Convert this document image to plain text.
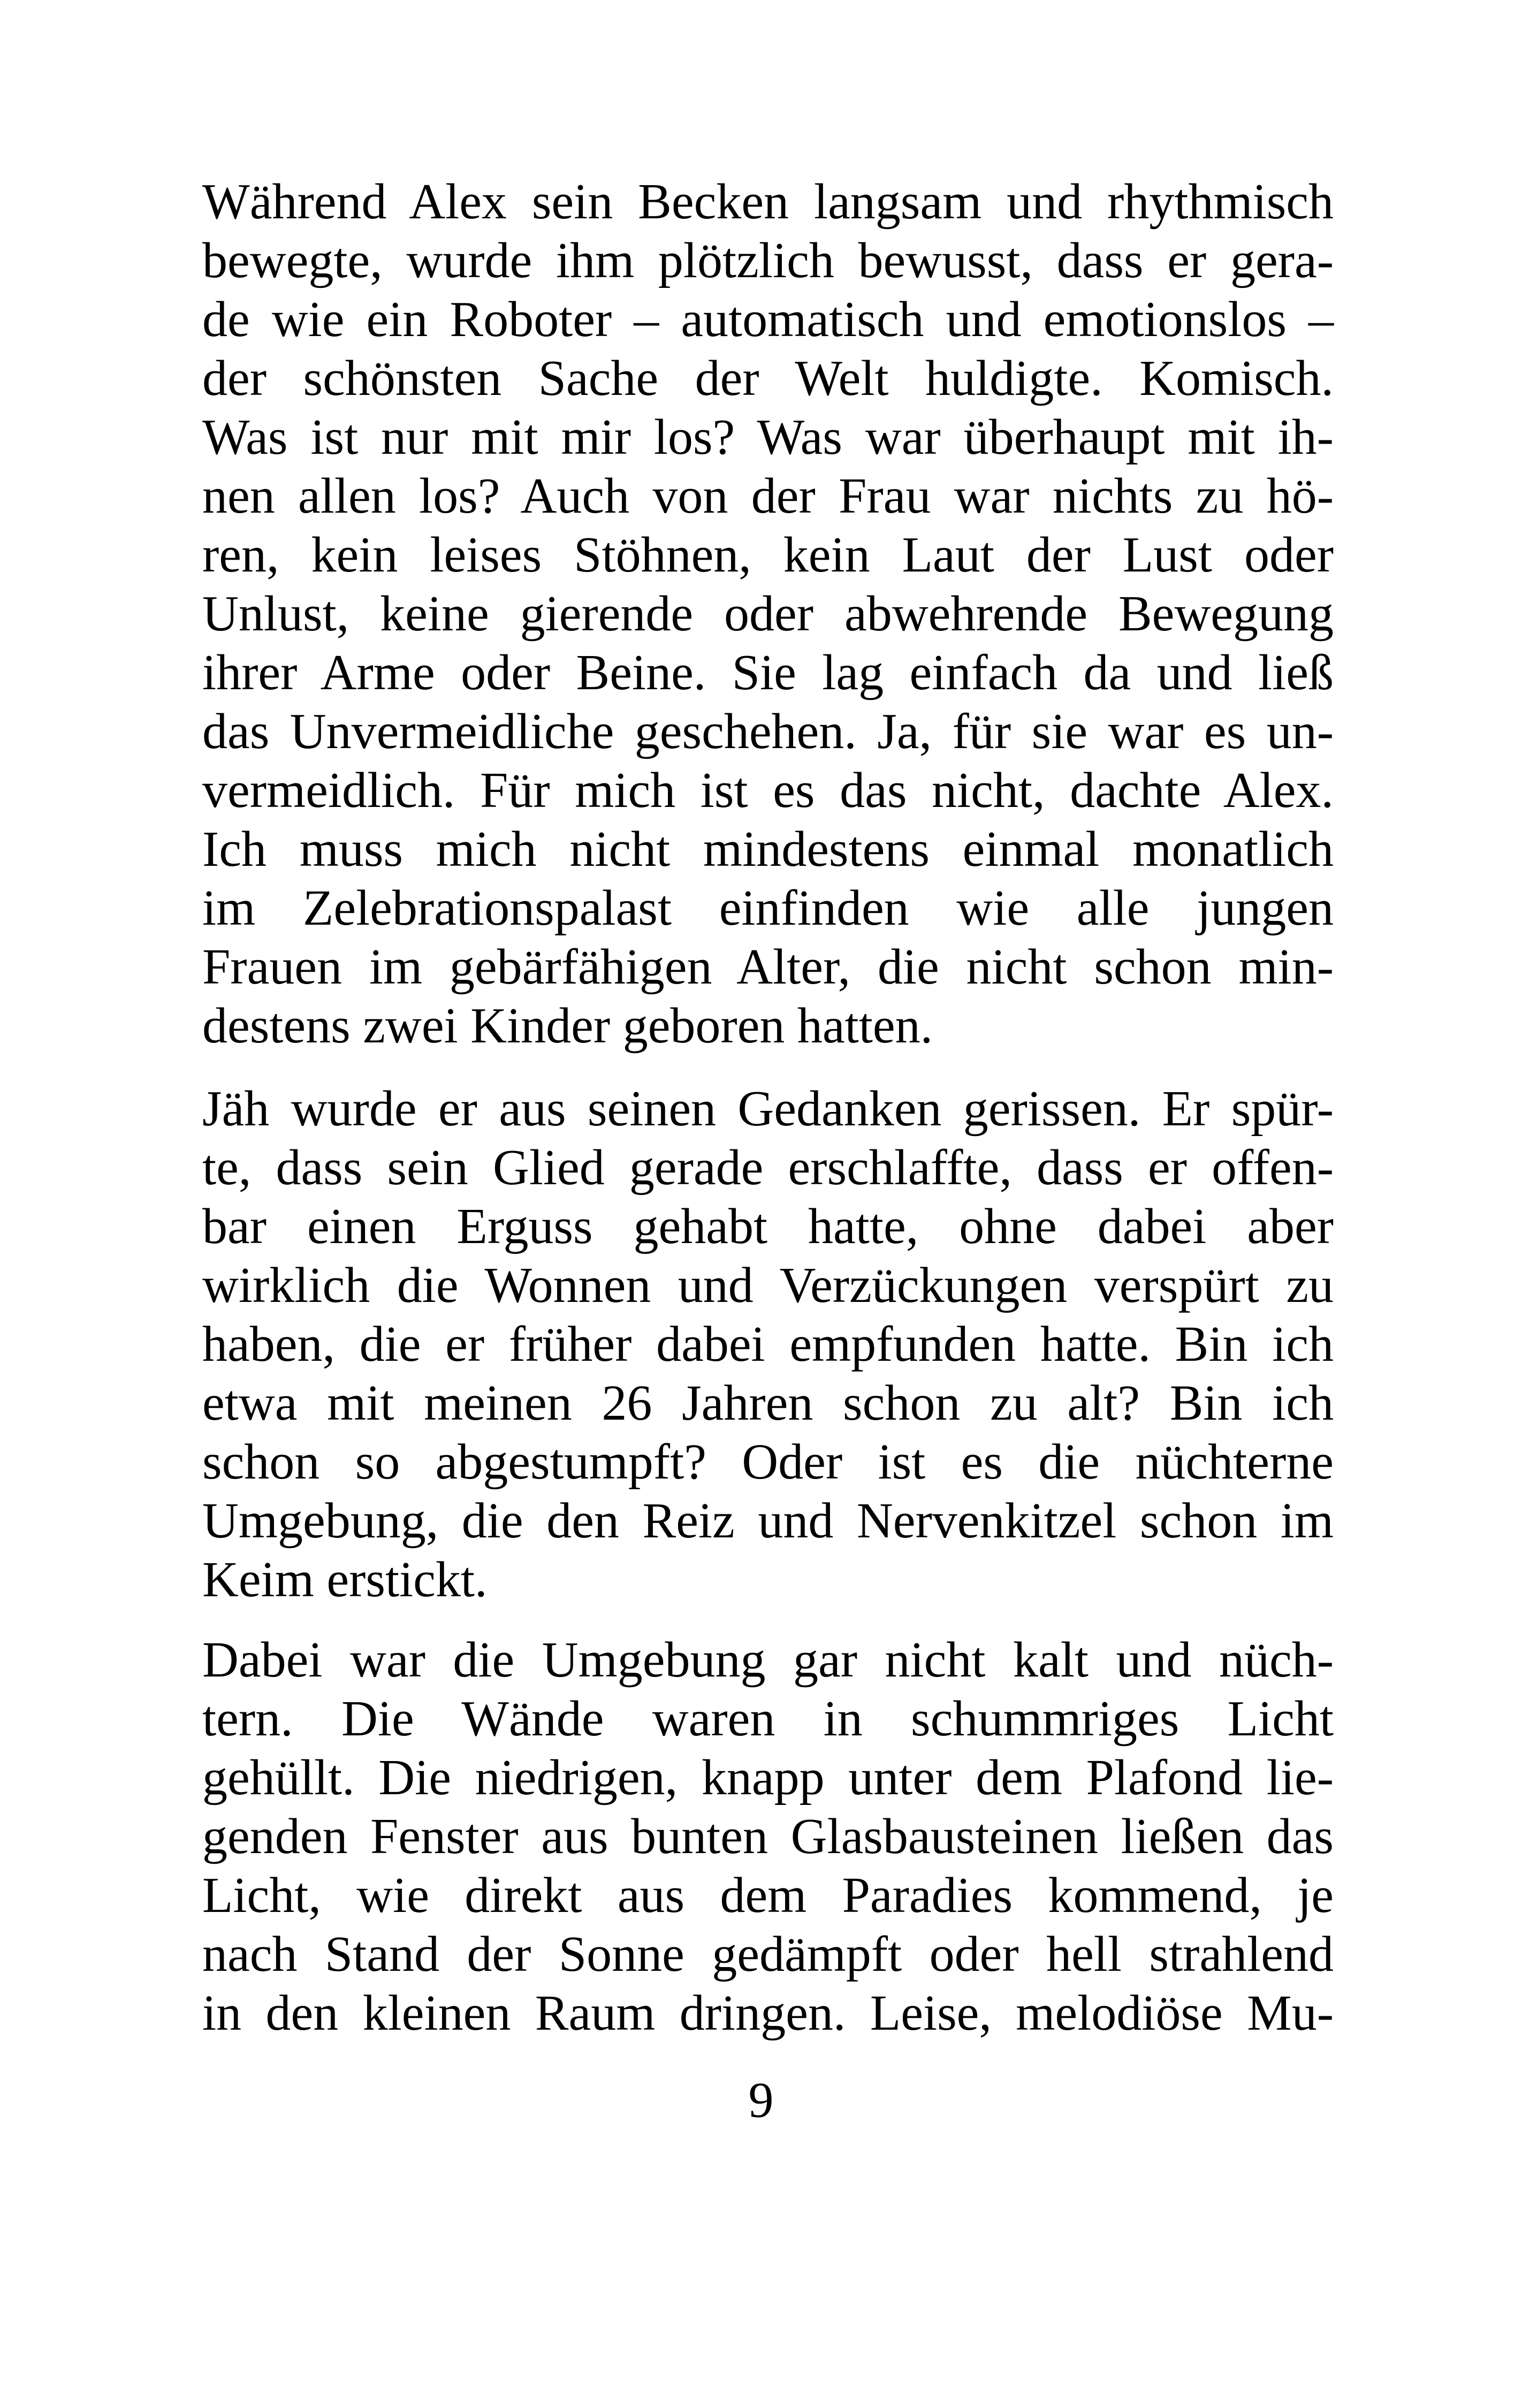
Während Alex sein Becken langsam und rhythmisch

bewegte, wurde ihm plötzlich bewusst, dass er gera-

de wie ein Roboter – automatisch und emotionslos –

der schönsten Sache der Welt huldigte. Komisch.

Was ist nur mit mir los? Was war überhaupt mit ih-

nen allen los? Auch von der Frau war nichts zu hö-

ren, kein leises Stöhnen, kein Laut der Lust oder

Unlust, keine gierende oder abwehrende Bewegung

ihrer Arme oder Beine. Sie lag einfach da und ließ

das Unvermeidliche geschehen. Ja, für sie war es un-

vermeidlich. Für mich ist es das nicht, dachte Alex.

Ich muss mich nicht mindestens einmal monatlich

im Zelebrationspalast einfinden wie alle jungen

Frauen im gebärfähigen Alter, die nicht schon min-

destens zwei Kinder geboren hatten.

Jäh wurde er aus seinen Gedanken gerissen. Er spür-

te, dass sein Glied gerade erschlaffte, dass er offen-

bar einen Erguss gehabt hatte, ohne dabei aber

wirklich die Wonnen und Verzückungen verspürt zu

haben, die er früher dabei empfunden hatte. Bin ich

etwa mit meinen 26 Jahren schon zu alt? Bin ich

schon so abgestumpft? Oder ist es die nüchterne

Umgebung, die den Reiz und Nervenkitzel schon im

Keim erstickt.

Dabei war die Umgebung gar nicht kalt und nüch-

tern. Die Wände waren in schummriges Licht

gehüllt. Die niedrigen, knapp unter dem Plafond lie-

genden Fenster aus bunten Glasbausteinen ließen das

Licht, wie direkt aus dem Paradies kommend, je

nach Stand der Sonne gedämpft oder hell strahlend

in den kleinen Raum dringen. Leise, melodiöse Mu-

9
